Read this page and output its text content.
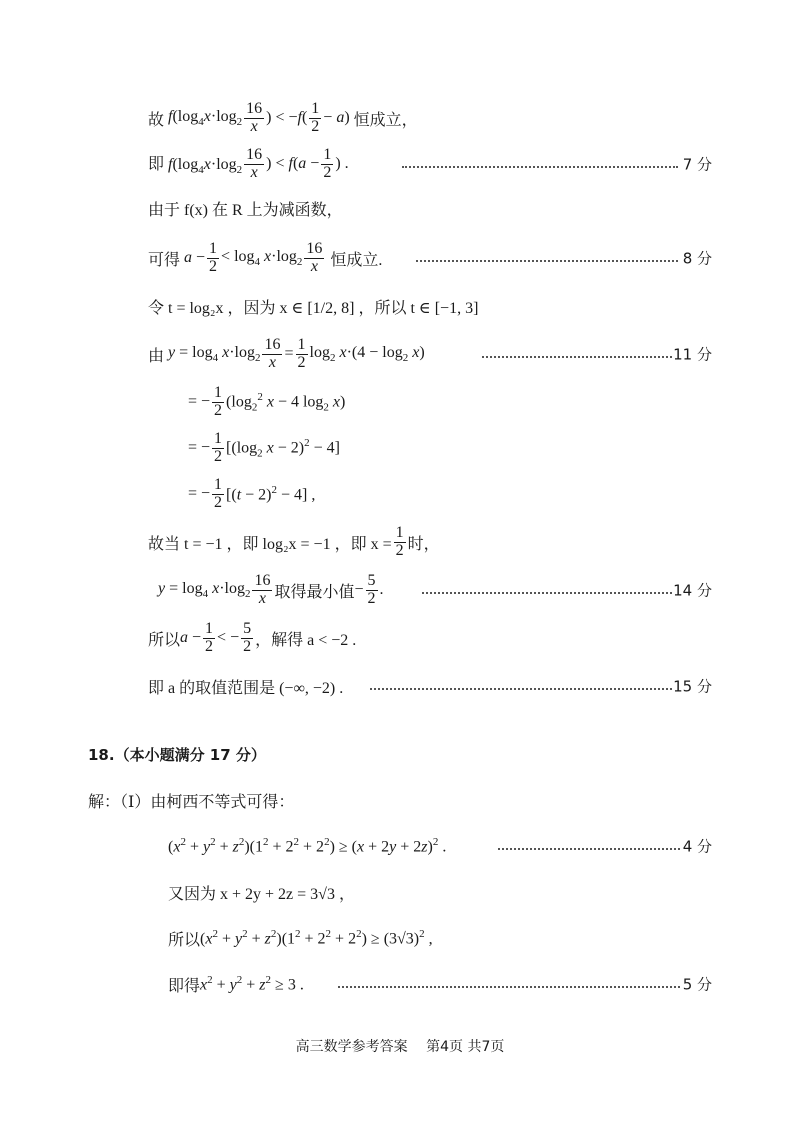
故 $f(\log_4x\cdot\log_2 \frac{16}{x}$ ) < $-f( \frac{1}{2} - a)$ 恒成立，
即 $f(\log_4x\cdot\log_2 \frac{16}{x}$ ) < $f(a - \frac{1}{2}$ ) .	7 分
由于 f(x) 在 R 上为减函数，
可得 $a - \frac{1}{2} < \log_4 x\cdot\log_2 \frac{16}{x}$
恒成立.	8 分
令 t = log₂x ，因为 x ∈ [1/2, 8] ，所以 t ∈ [−1, 3]
由 $y = \log_4 x\cdot\log_2 \frac{16}{x} = \frac{1}{2} \log_2 x\cdot(4 - \log_2 x)$	11 分
= − $\frac{1}{2} (\log_2^2$ x − 4 $\log_2 x$)
= − $\frac{1}{2} [(\log_2$ x − 2)$^2$ − 4]
= − $\frac{1}{2} [(t - 2)^2 - 4]$ ,
故当 t = −1 ，即 log₂x = −1 ，即 $x = \frac{1}{2}$ 时，
$y = \log_4 x\cdot\log_2 \frac{16}{x}$ 取得最小值 − $\frac{5}{2}$ .	14 分
所以 $a - \frac{1}{2}$ < − $\frac{5}{2}$ ，解得 a < −2 .
即 a 的取值范围是 (−∞, −2) .	15 分
18.（本小题满分 17 分）
解：（Ⅰ）由柯西不等式可得：
$(x^2 + y^2 + z^2)(1^2 + 2^2 + 2^2) \ge (x + 2y + 2z)^2$ .	4 分
又因为 x + 2y + 2z = 3√3 ，
所以 $(x^2 + y^2 + z^2)(1^2 + 2^2 + 2^2) \ge (3√3)^2$ ,
即得 $x^2 + y^2 + z^2 \ge 3$ .	5 分
高三数学参考答案　 第4页 共7页
